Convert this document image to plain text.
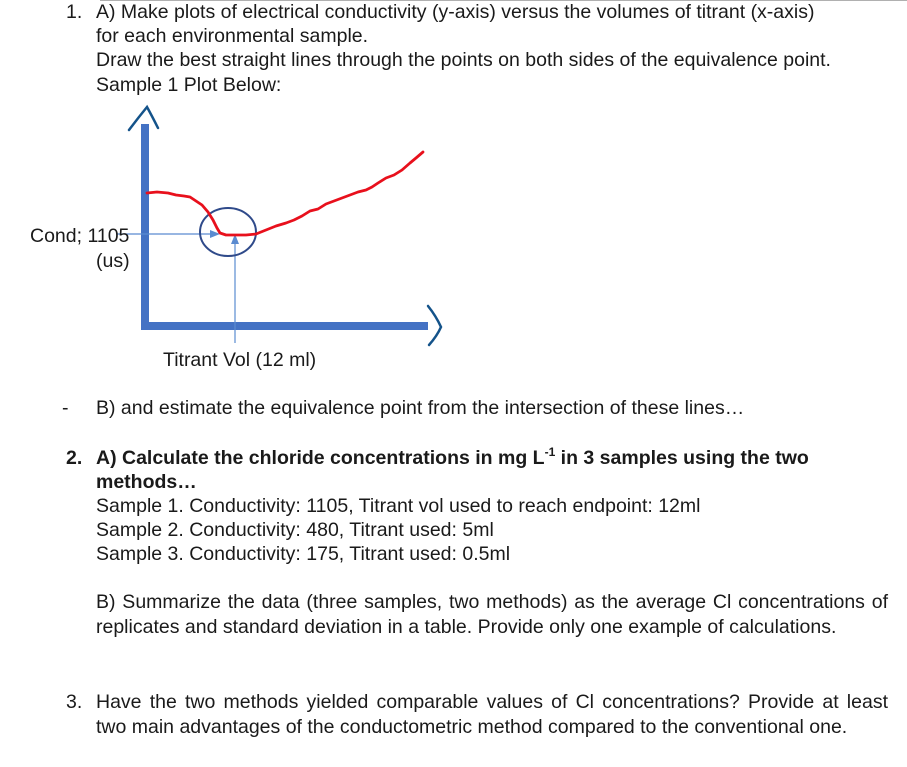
1. A) Make plots of electrical conductivity (y-axis) versus the volumes of titrant (x-axis)
for each environmental sample.
Draw the best straight lines through the points on both sides of the equivalence point.
Sample 1 Plot Below:
Cond; 1105
(us)
Titrant Vol (12 ml)
- B) and estimate the equivalence point from the intersection of these lines…
2. A) Calculate the chloride concentrations in mg $L^{-1}$ in 3 samples using the two
methods…
Sample 1. Conductivity: 1105, Titrant vol used to reach endpoint: 12ml
Sample 2. Conductivity: 480, Titrant used: 5ml
Sample 3. Conductivity: 175, Titrant used: 0.5ml
B) Summarize the data (three samples, two methods) as the average Cl concentrations of replicates and standard deviation in a table. Provide only one example of calculations.
3. Have the two methods yielded comparable values of Cl concentrations? Provide at least two main advantages of the conductometric method compared to the conventional one.
